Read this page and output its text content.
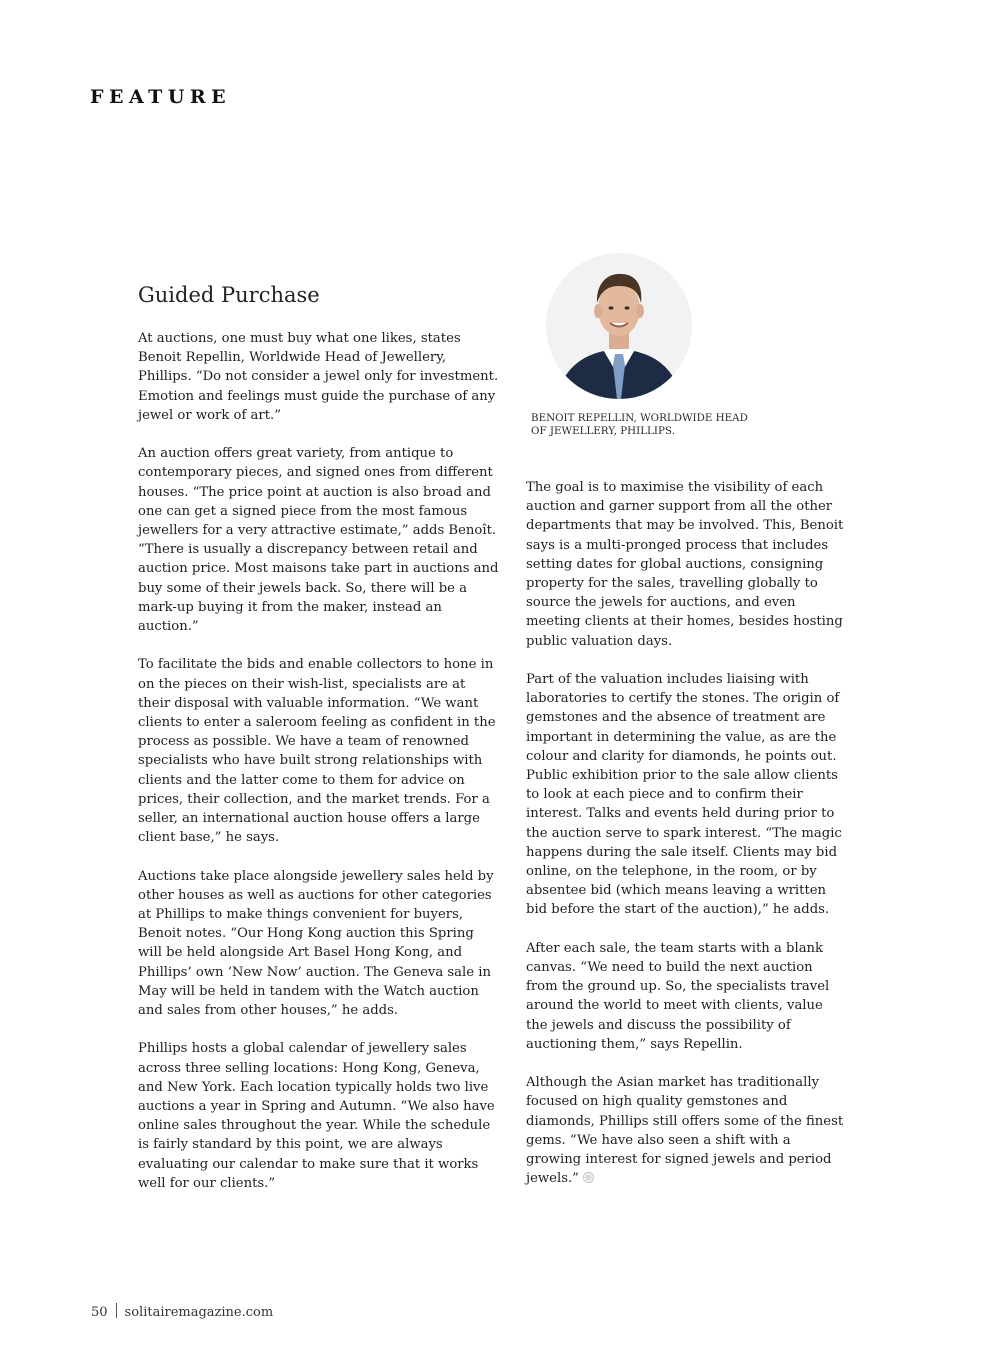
FEATURE
Guided Purchase

At auctions, one must buy what one likes, states Benoit Repellin, Worldwide Head of Jewellery, Phillips. “Do not consider a jewel only for investment. Emotion and feelings must guide the purchase of any jewel or work of art.”

An auction offers great variety, from antique to contemporary pieces, and signed ones from different houses. “The price point at auction is also broad and one can get a signed piece from the most famous jewellers for a very attractive estimate,” adds Benoît. “There is usually a discrepancy between retail and auction price. Most maisons take part in auctions and buy some of their jewels back. So, there will be a mark-up buying it from the maker, instead an auction.”

To facilitate the bids and enable collectors to hone in on the pieces on their wish-list, specialists are at their disposal with valuable information. “We want clients to enter a saleroom feeling as confident in the process as possible. We have a team of renowned specialists who have built strong relationships with clients and the latter come to them for advice on prices, their collection, and the market trends. For a seller, an international auction house offers a large client base,” he says.

Auctions take place alongside jewellery sales held by other houses as well as auctions for other categories at Phillips to make things convenient for buyers, Benoit notes. “Our Hong Kong auction this Spring will be held alongside Art Basel Hong Kong, and Phillips’ own ‘New Now’ auction. The Geneva sale in May will be held in tandem with the Watch auction and sales from other houses,” he adds.

Phillips hosts a global calendar of jewellery sales across three selling locations: Hong Kong, Geneva, and New York. Each location typically holds two live auctions a year in Spring and Autumn. “We also have online sales throughout the year. While the schedule is fairly standard by this point, we are always evaluating our calendar to make sure that it works well for our clients.”

BENOIT REPELLIN, WORLDWIDE HEAD OF JEWELLERY, PHILLIPS.

The goal is to maximise the visibility of each auction and garner support from all the other departments that may be involved. This, Benoit says is a multi-pronged process that includes setting dates for global auctions, consigning property for the sales, travelling globally to source the jewels for auctions, and even meeting clients at their homes, besides hosting public valuation days.

Part of the valuation includes liaising with laboratories to certify the stones. The origin of gemstones and the absence of treatment are important in determining the value, as are the colour and clarity for diamonds, he points out. Public exhibition prior to the sale allow clients to look at each piece and to confirm their interest. Talks and events held during prior to the auction serve to spark interest. “The magic happens during the sale itself. Clients may bid online, on the telephone, in the room, or by absentee bid (which means leaving a written bid before the start of the auction),” he adds.

After each sale, the team starts with a blank canvas. “We need to build the next auction from the ground up. So, the specialists travel around the world to meet with clients, value the jewels and discuss the possibility of auctioning them,” says Repellin.

Although the Asian market has traditionally focused on high quality gemstones and diamonds, Phillips still offers some of the finest gems. “We have also seen a shift with a growing interest for signed jewels and period jewels.”

50 solitairemagazine.com
